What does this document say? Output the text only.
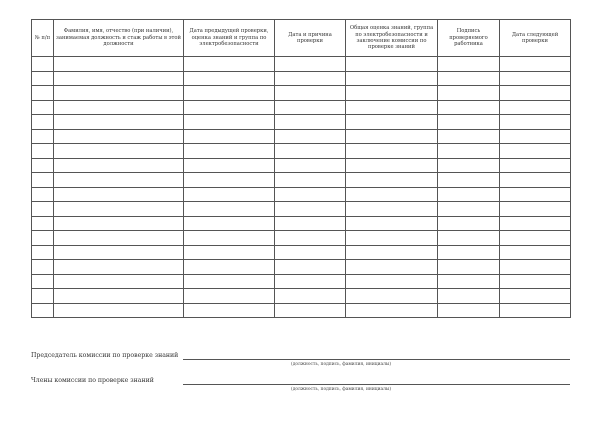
№ п/п	Фамилия, имя, отчество (при наличии), занимаемая должность и стаж работы в этой должности	Дата предыдущей проверки, оценка знаний и группа по электробезопасности	Дата и причина проверки	Общая оценка знаний, группа по электробезопасности и заключение комиссии по проверке знаний	Подпись проверяемого работника	Дата следующей проверки

Председатель комиссии по проверке знаний
(должность, подпись, фамилия, инициалы)
Члены комиссии по проверке знаний
(должность, подпись, фамилия, инициалы)
